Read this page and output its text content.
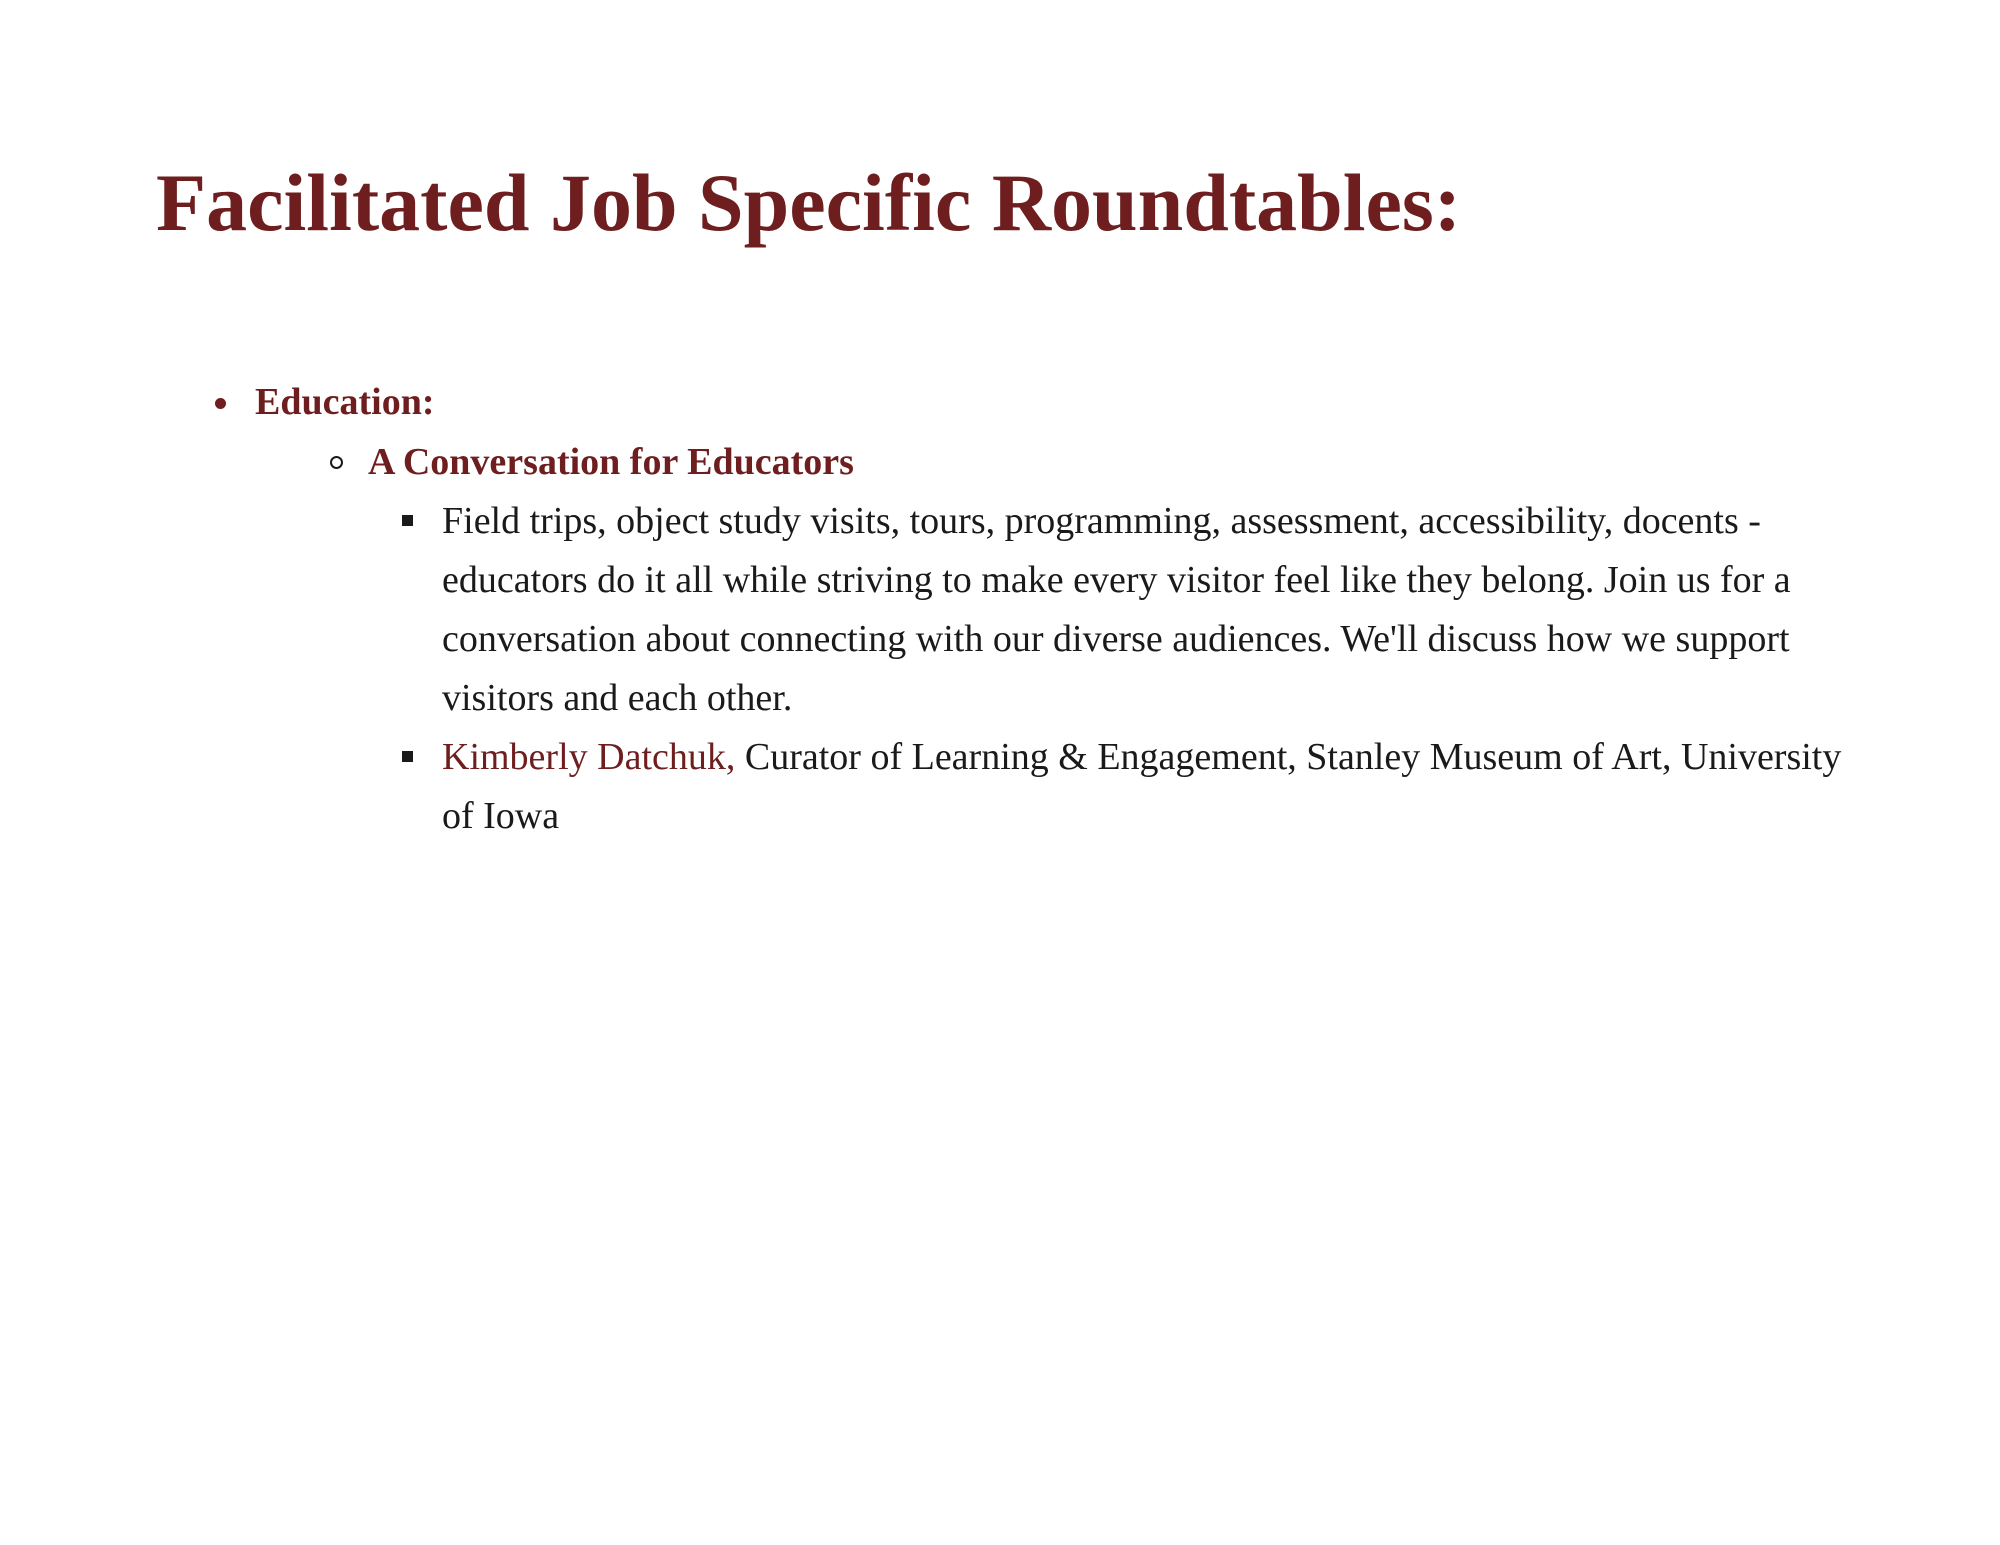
Facilitated Job Specific Roundtables:
Education:
A Conversation for Educators
Field trips, object study visits, tours, programming, assessment, accessibility, docents - educators do it all while striving to make every visitor feel like they belong. Join us for a conversation about connecting with our diverse audiences. We'll discuss how we support visitors and each other.
Kimberly Datchuk, Curator of Learning & Engagement, Stanley Museum of Art, University of Iowa
